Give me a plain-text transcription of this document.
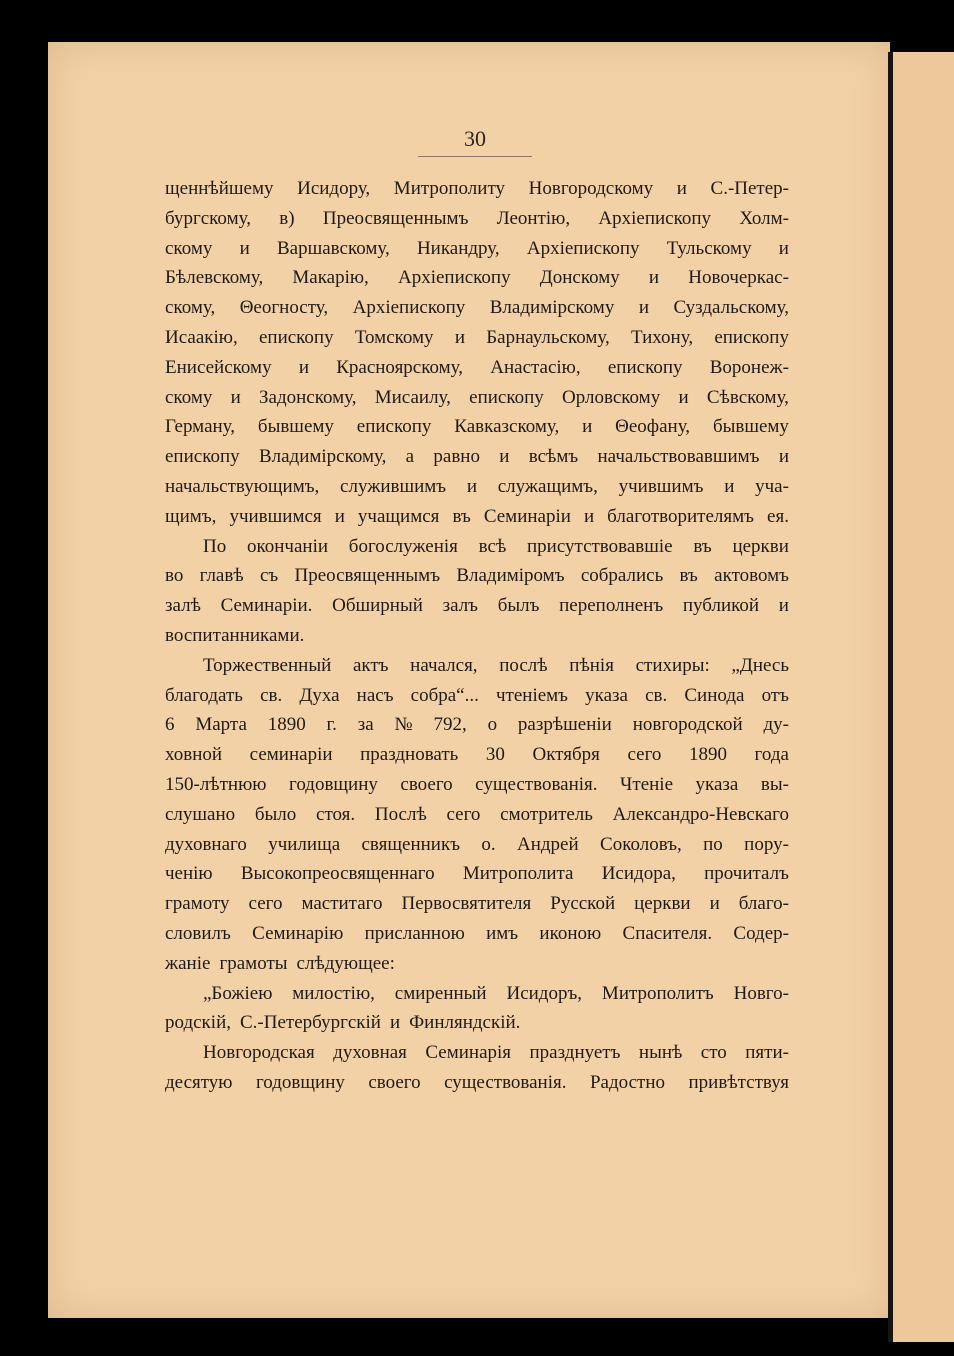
30
щеннѣйшему Исидору, Митрополиту Новгородскому и С.-Петер-
бургскому, в) Преосвященнымъ Леонтію, Архіепископу Холм-
скому и Варшавскому, Никандру, Архіепископу Тульскому и
Бѣлевскому, Макарію, Архіепископу Донскому и Новочеркас-
скому, Θеогносту, Архіепископу Владимірскому и Суздальскому,
Исаакію, епископу Томскому и Барнаульскому, Тихону, епископу
Енисейскому и Красноярскому, Анастасію, епископу Воронеж-
скому и Задонскому, Мисаилу, епископу Орловскому и Сѣвскому,
Герману, бывшему епископу Кавказскому, и Θеофану, бывшему
епископу Владимірскому, а равно и всѣмъ начальствовавшимъ и
начальствующимъ, служившимъ и служащимъ, учившимъ и уча-
щимъ, учившимся и учащимся въ Семинаріи и благотворителямъ ея.
По окончаніи богослуженія всѣ присутствовавшіе въ церкви
во главѣ съ Преосвященнымъ Владиміромъ собрались въ актовомъ
залѣ Семинаріи. Обширный залъ былъ переполненъ публикой и
воспитанниками.
Торжественный актъ начался, послѣ пѣнія стихиры: „Днесь
благодать св. Духа насъ собра“... чтеніемъ указа св. Синода отъ
6 Марта 1890 г. за № 792, о разрѣшеніи новгородской ду-
ховной семинаріи праздновать 30 Октября сего 1890 года
150-лѣтнюю годовщину своего существованія. Чтеніе указа вы-
слушано было стоя. Послѣ сего смотритель Александро-Невскаго
духовнаго училища священникъ о. Андрей Соколовъ, по пору-
ченію Высокопреосвященнаго Митрополита Исидора, прочиталъ
грамоту сего маститаго Первосвятителя Русской церкви и благо-
словилъ Семинарію присланною имъ иконою Спасителя. Содер-
жаніе грамоты слѣдующее:
„Божіею милостію, смиренный Исидоръ, Митрополитъ Новго-
родскій, С.-Петербургскій и Финляндскій.
Новгородская духовная Семинарія празднуетъ нынѣ сто пяти-
десятую годовщину своего существованія. Радостно привѣтствуя
